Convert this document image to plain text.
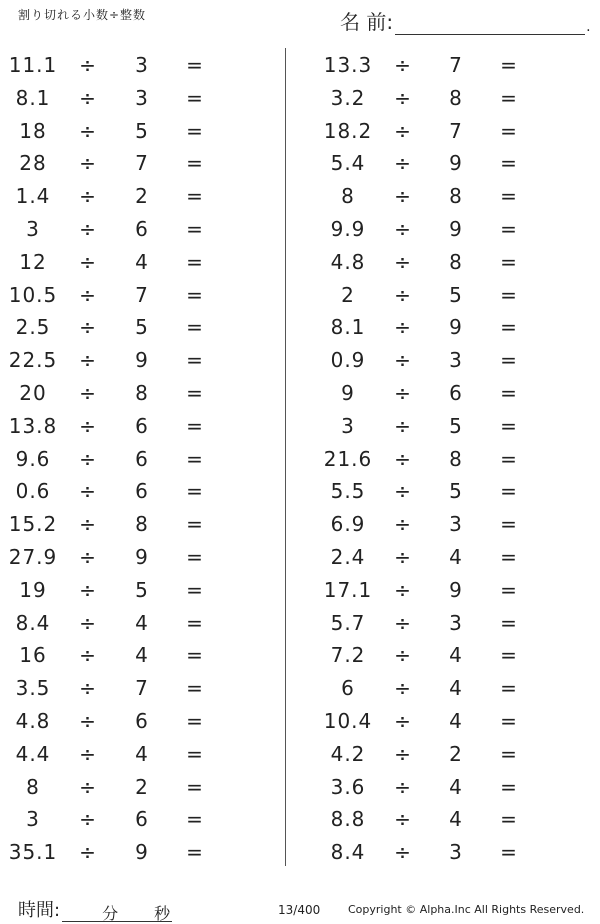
割り切れる小数÷整数	名 前:	.
11.1 ÷ 3 =
8.1	÷ 3 =
18	÷ 5 =
28	÷ 7 =
1.4	÷ 2 =
3	÷ 6 =
12	÷ 4 =
10.5 ÷ 7 =
2.5	÷ 5 =
22.5 ÷ 9 =
20	÷ 8 =
13.8 ÷ 6 =
9.6	÷ 6 =
0.6	÷ 6 =
15.2 ÷ 8 =
27.9 ÷ 9 =
19	÷ 5 =
8.4	÷ 4 =
16	÷ 4 =
3.5	÷ 7 =
4.8	÷ 6 =
4.4	÷ 4 =
8	÷ 2 =
3	÷ 6 =
35.1 ÷ 9 =
13.3 ÷ 7 =
3.2	÷ 8 =
18.2 ÷ 7 =
5.4	÷ 9 =
8	÷ 8 =
9.9	÷ 9 =
4.8	÷ 8 =
2	÷ 5 =
8.1	÷ 9 =
0.9	÷ 3 =
9	÷ 6 =
3	÷ 5 =
21.6 ÷ 8 =
5.5	÷ 5 =
6.9	÷ 3 =
2.4	÷ 4 =
17.1 ÷ 9 =
5.7	÷ 3 =
7.2	÷ 4 =
6	÷ 4 =
10.4 ÷ 4 =
4.2	÷ 2 =
3.6	÷ 4 =
8.8	÷ 4 =
8.4	÷ 3 =
時間:	分 秒	13/400	Copyright © Alpha.Inc All Rights Reserved.
